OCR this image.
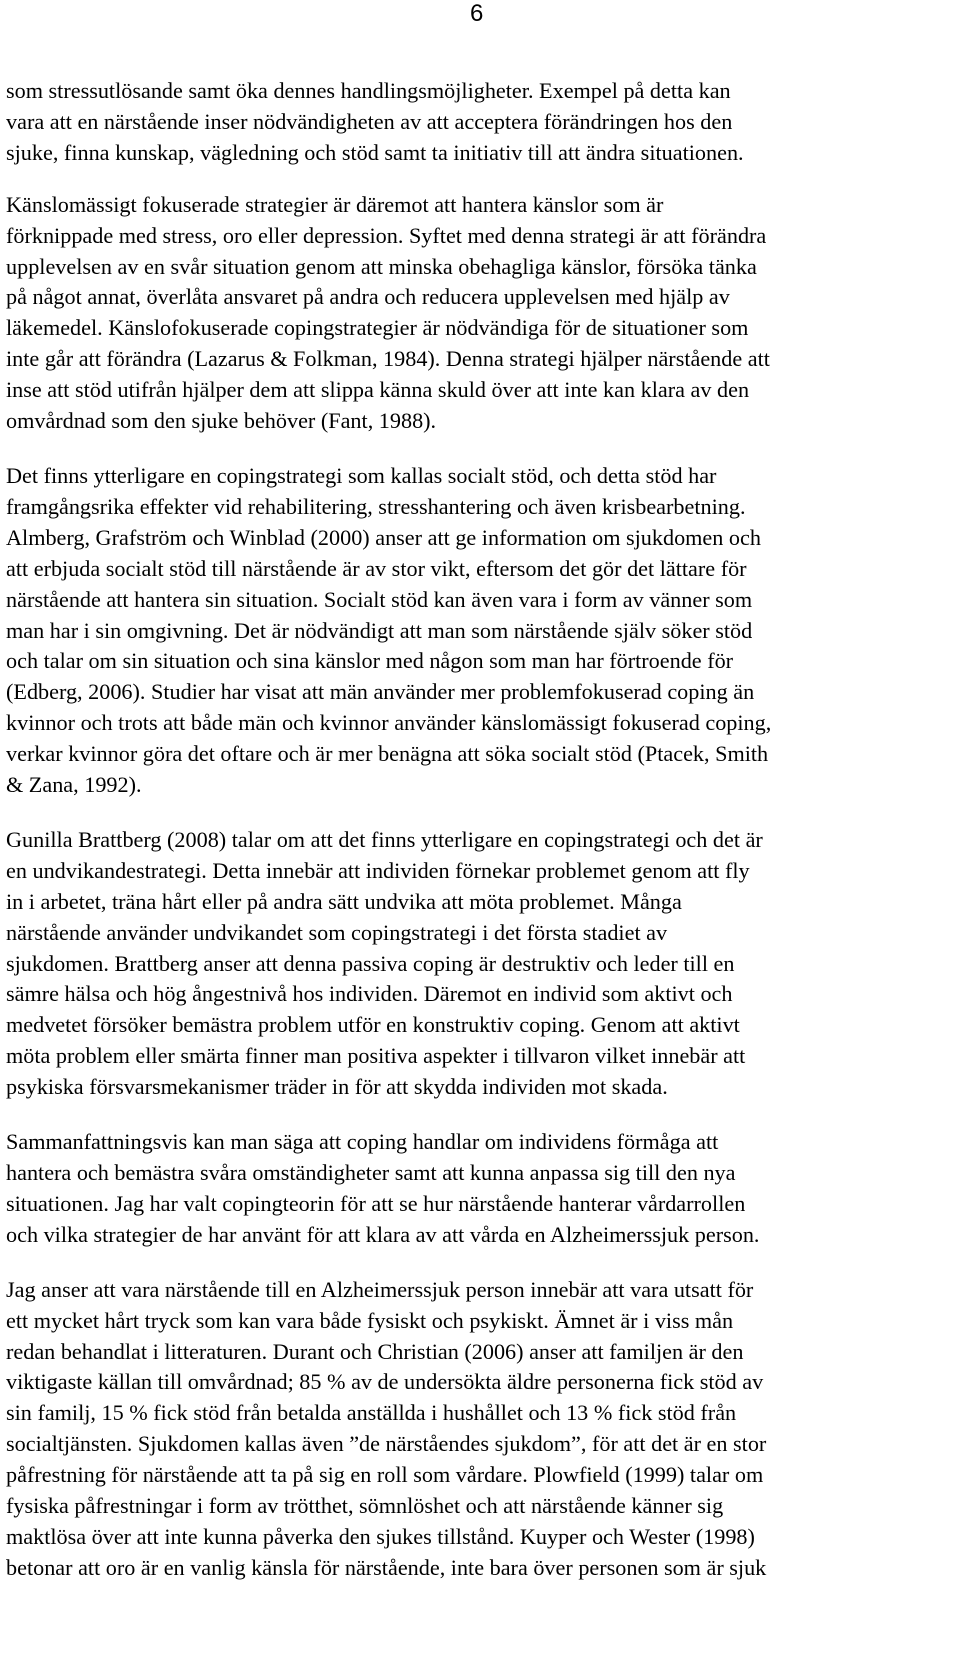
6
som stressutlösande samt öka dennes handlingsmöjligheter. Exempel på detta kan
vara att en närstående inser nödvändigheten av att acceptera förändringen hos den
sjuke, finna kunskap, vägledning och stöd samt ta initiativ till att ändra situationen.
Känslomässigt fokuserade strategier är däremot att hantera känslor som är
förknippade med stress, oro eller depression. Syftet med denna strategi är att förändra
upplevelsen av en svår situation genom att minska obehagliga känslor, försöka tänka
på något annat, överlåta ansvaret på andra och reducera upplevelsen med hjälp av
läkemedel. Känslofokuserade copingstrategier är nödvändiga för de situationer som
inte går att förändra (Lazarus & Folkman, 1984). Denna strategi hjälper närstående att
inse att stöd utifrån hjälper dem att slippa känna skuld över att inte kan klara av den
omvårdnad som den sjuke behöver (Fant, 1988).
Det finns ytterligare en copingstrategi som kallas socialt stöd, och detta stöd har
framgångsrika effekter vid rehabilitering, stresshantering och även krisbearbetning.
Almberg, Grafström och Winblad (2000) anser att ge information om sjukdomen och
att erbjuda socialt stöd till närstående är av stor vikt, eftersom det gör det lättare för
närstående att hantera sin situation. Socialt stöd kan även vara i form av vänner som
man har i sin omgivning. Det är nödvändigt att man som närstående själv söker stöd
och talar om sin situation och sina känslor med någon som man har förtroende för
(Edberg, 2006). Studier har visat att män använder mer problemfokuserad coping än
kvinnor och trots att både män och kvinnor använder känslomässigt fokuserad coping,
verkar kvinnor göra det oftare och är mer benägna att söka socialt stöd (Ptacek, Smith
& Zana, 1992).
Gunilla Brattberg (2008) talar om att det finns ytterligare en copingstrategi och det är
en undvikandestrategi. Detta innebär att individen förnekar problemet genom att fly
in i arbetet, träna hårt eller på andra sätt undvika att möta problemet. Många
närstående använder undvikandet som copingstrategi i det första stadiet av
sjukdomen. Brattberg anser att denna passiva coping är destruktiv och leder till en
sämre hälsa och hög ångestnivå hos individen. Däremot en individ som aktivt och
medvetet försöker bemästra problem utför en konstruktiv coping. Genom att aktivt
möta problem eller smärta finner man positiva aspekter i tillvaron vilket innebär att
psykiska försvarsmekanismer träder in för att skydda individen mot skada.
Sammanfattningsvis kan man säga att coping handlar om individens förmåga att
hantera och bemästra svåra omständigheter samt att kunna anpassa sig till den nya
situationen. Jag har valt copingteorin för att se hur närstående hanterar vårdarrollen
och vilka strategier de har använt för att klara av att vårda en Alzheimerssjuk person.
Jag anser att vara närstående till en Alzheimerssjuk person innebär att vara utsatt för
ett mycket hårt tryck som kan vara både fysiskt och psykiskt. Ämnet är i viss mån
redan behandlat i litteraturen. Durant och Christian (2006) anser att familjen är den
viktigaste källan till omvårdnad; 85 % av de undersökta äldre personerna fick stöd av
sin familj, 15 % fick stöd från betalda anställda i hushållet och 13 % fick stöd från
socialtjänsten. Sjukdomen kallas även ”de närståendes sjukdom”, för att det är en stor
påfrestning för närstående att ta på sig en roll som vårdare. Plowfield (1999) talar om
fysiska påfrestningar i form av trötthet, sömnlöshet och att närstående känner sig
maktlösa över att inte kunna påverka den sjukes tillstånd. Kuyper och Wester (1998)
betonar att oro är en vanlig känsla för närstående, inte bara över personen som är sjuk
